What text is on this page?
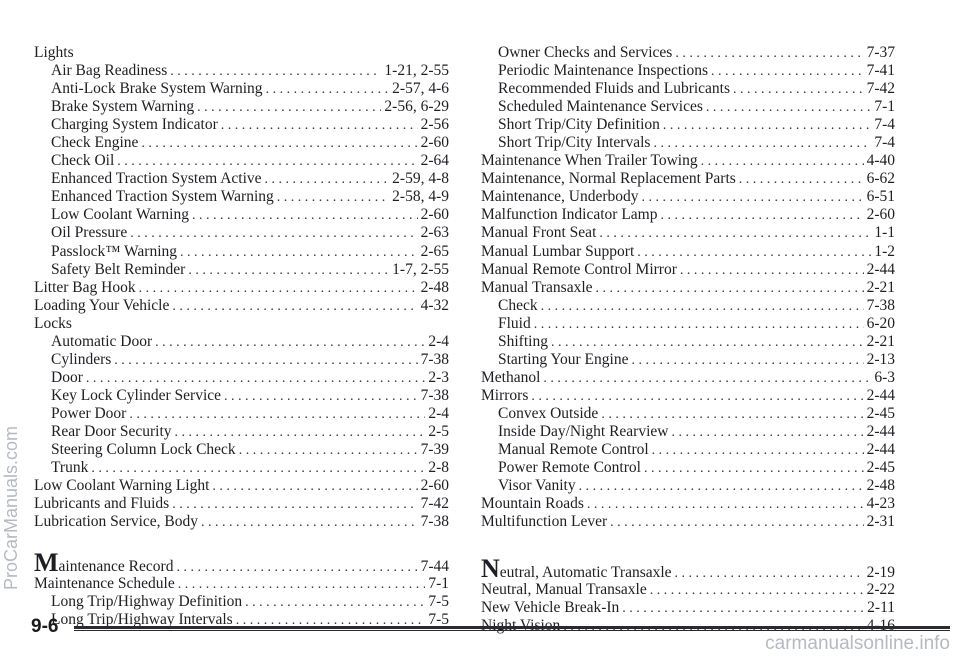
Lights
Air Bag Readiness . . .	1-21, 2-55
Anti-Lock Brake System Warning . . .	2-57, 4-6
Brake System Warning . . .	2-56, 6-29
Charging System Indicator . . .	2-56
Check Engine . . .	2-60
Check Oil . . .	2-64
Enhanced Traction System Active . . .	2-59, 4-8
Enhanced Traction System Warning . . .	2-58, 4-9
Low Coolant Warning . . .	2-60
Oil Pressure . . .	2-63
Passlock™ Warning . . .	2-65
Safety Belt Reminder . . .	1-7, 2-55
Litter Bag Hook . . .	2-48
Loading Your Vehicle . . .	4-32
Locks
Automatic Door . . .	2-4
Cylinders . . .	7-38
Door . . .	2-3
Key Lock Cylinder Service . . .	7-38
Power Door . . .	2-4
Rear Door Security . . .	2-5
Steering Column Lock Check . . .	7-39
Trunk . . .	2-8
Low Coolant Warning Light . . .	2-60
Lubricants and Fluids . . .	7-42
Lubrication Service, Body . . .	7-38
Maintenance Record . . .	7-44
Maintenance Schedule . . .	7-1
Long Trip/Highway Definition . . .	7-5
Long Trip/Highway Intervals . . .	7-5
Owner Checks and Services . . .	7-37
Periodic Maintenance Inspections . . .	7-41
Recommended Fluids and Lubricants . . .	7-42
Scheduled Maintenance Services . . .	7-1
Short Trip/City Definition . . .	7-4
Short Trip/City Intervals . . .	7-4
Maintenance When Trailer Towing . . .	4-40
Maintenance, Normal Replacement Parts . . .	6-62
Maintenance, Underbody . . .	6-51
Malfunction Indicator Lamp . . .	2-60
Manual Front Seat . . .	1-1
Manual Lumbar Support . . .	1-2
Manual Remote Control Mirror . . .	2-44
Manual Transaxle . . .	2-21
Check . . .	7-38
Fluid . . .	6-20
Shifting . . .	2-21
Starting Your Engine . . .	2-13
Methanol . . .	6-3
Mirrors . . .	2-44
Convex Outside . . .	2-45
Inside Day/Night Rearview . . .	2-44
Manual Remote Control . . .	2-44
Power Remote Control . . .	2-45
Visor Vanity . . .	2-48
Mountain Roads . . .	4-23
Multifunction Lever . . .	2-31
Neutral, Automatic Transaxle . . .	2-19
Neutral, Manual Transaxle . . .	2-22
New Vehicle Break-In . . .	2-11
Night Vision . . .	4-16
9-6
ProCarManuals.com
carmanualsonline.info
